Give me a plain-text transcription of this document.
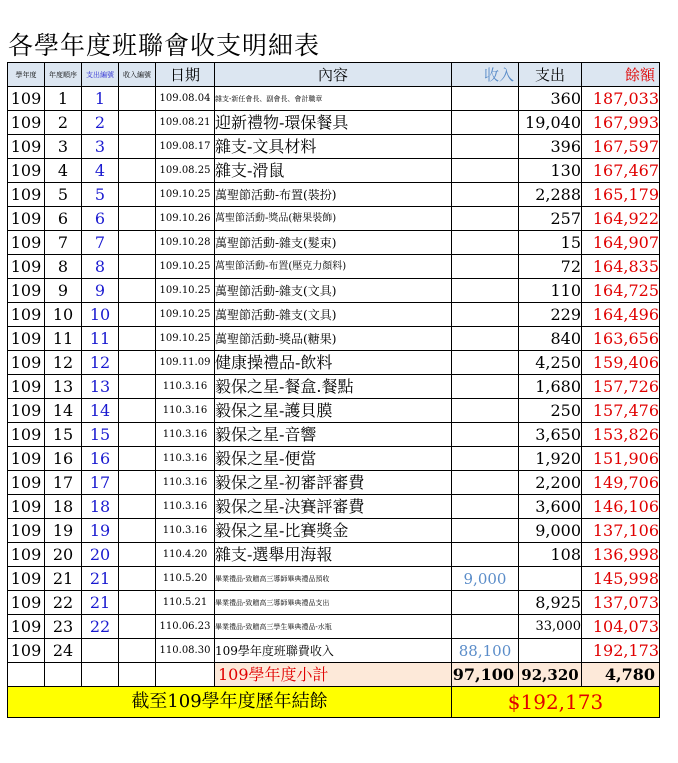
各學年度班聯會收支明細表
學年度	年度順序	支出編號	收入編號	日期	內容	收入	支出	餘額
109	1	1		109.08.04	雜支-新任會長、副會長、會計職章		360	187,033
109	2	2		109.08.21	迎新禮物-環保餐具		19,040	167,993
109	3	3		109.08.17	雜支-文具材料		396	167,597
109	4	4		109.08.25	雜支-滑鼠		130	167,467
109	5	5		109.10.25	萬聖節活動-布置(裝扮)		2,288	165,179
109	6	6		109.10.26	萬聖節活動-獎品(糖果裝飾)		257	164,922
109	7	7		109.10.28	萬聖節活動-雜支(髮束)		15	164,907
109	8	8		109.10.25	萬聖節活動-布置(壓克力顏料)		72	164,835
109	9	9		109.10.25	萬聖節活動-雜支(文具)		110	164,725
109	10	10		109.10.25	萬聖節活動-雜支(文具)		229	164,496
109	11	11		109.10.25	萬聖節活動-獎品(糖果)		840	163,656
109	12	12		109.11.09	健康操禮品-飲料		4,250	159,406
109	13	13		110.3.16	毅保之星-餐盒.餐點		1,680	157,726
109	14	14		110.3.16	毅保之星-護貝膜		250	157,476
109	15	15		110.3.16	毅保之星-音響		3,650	153,826
109	16	16		110.3.16	毅保之星-便當		1,920	151,906
109	17	17		110.3.16	毅保之星-初審評審費		2,200	149,706
109	18	18		110.3.16	毅保之星-決賽評審費		3,600	146,106
109	19	19		110.3.16	毅保之星-比賽獎金		9,000	137,106
109	20	20		110.4.20	雜支-選舉用海報		108	136,998
109	21	21		110.5.20	畢業禮品-致贈高三導師畢典禮品預收	9,000		145,998
109	22	21		110.5.21	畢業禮品-致贈高三導師畢典禮品支出		8,925	137,073
109	23	22		110.06.23	畢業禮品-致贈高三學生畢典禮品-水瓶		33,000	104,073
109	24			110.08.30	109學年度班聯費收入	88,100		192,173
					109學年度小計	97,100	92,320	4,780
截至109學年度歷年結餘						$192,173		
